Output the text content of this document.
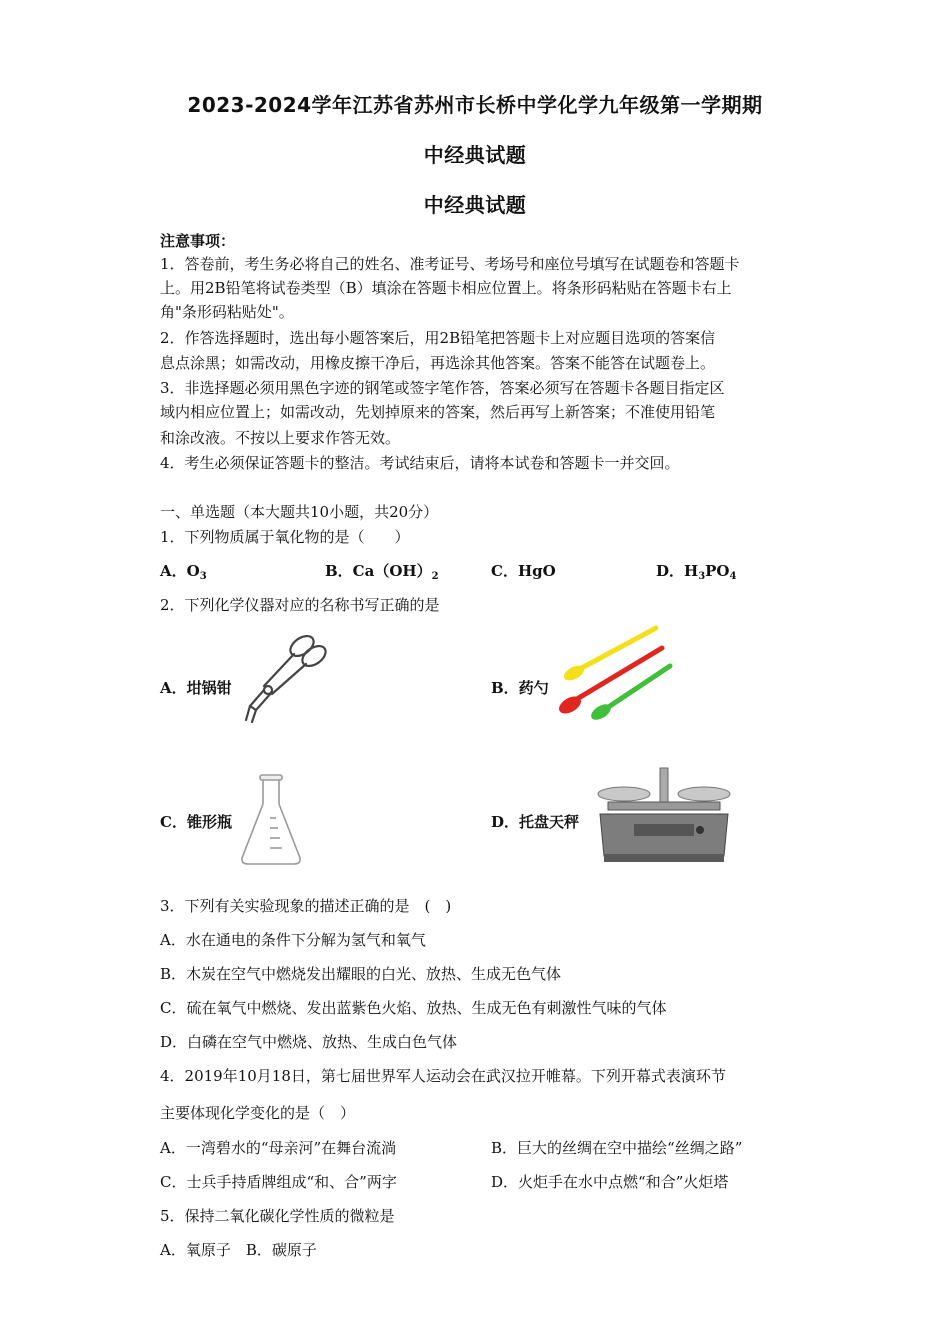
2023-2024学年江苏省苏州市长桥中学化学九年级第一学期期
中经典试题
中经典试题
注意事项：
1．答卷前，考生务必将自己的姓名、准考证号、考场号和座位号填写在试题卷和答题卡
上。用2B铅笔将试卷类型（B）填涂在答题卡相应位置上。将条形码粘贴在答题卡右上
角"条形码粘贴处"。
2．作答选择题时，选出每小题答案后，用2B铅笔把答题卡上对应题目选项的答案信
息点涂黑；如需改动，用橡皮擦干净后，再选涂其他答案。答案不能答在试题卷上。
3．非选择题必须用黑色字迹的钢笔或签字笔作答，答案必须写在答题卡各题目指定区
域内相应位置上；如需改动，先划掉原来的答案，然后再写上新答案；不准使用铅笔
和涂改液。不按以上要求作答无效。
4．考生必须保证答题卡的整洁。考试结束后，请将本试卷和答题卡一并交回。
一、单选题（本大题共10小题，共20分）
1．下列物质属于氧化物的是（　　）
A．$O_3$	B．$Ca(OH)_2$	C．HgO	D．$H_3PO_4$
2．下列化学仪器对应的名称书写正确的是
A．坩锅钳	B．药勺
C．锥形瓶	D．托盘天秤
3．下列有关实验现象的描述正确的是　(　)
A．水在通电的条件下分解为氢气和氧气
B．木炭在空气中燃烧发出耀眼的白光、放热、生成无色气体
C．硫在氧气中燃烧、发出蓝紫色火焰、放热、生成无色有刺激性气味的气体
D．白磷在空气中燃烧、放热、生成白色气体
4．2019年10月18日，第七届世界军人运动会在武汉拉开帷幕。下列开幕式表演环节
主要体现化学变化的是（　）
A．一湾碧水的“母亲河”在舞台流淌	B．巨大的丝绸在空中描绘“丝绸之路”
C．士兵手持盾牌组成“和、合”两字	D．火炬手在水中点燃“和合”火炬塔
5．保持二氧化碳化学性质的微粒是
A．氧原子　B．碳原子
